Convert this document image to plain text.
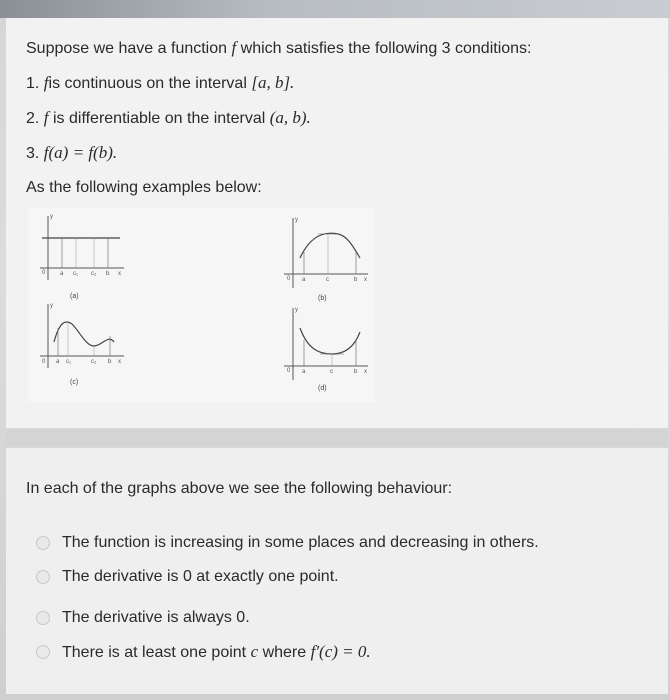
Suppose we have a function f which satisfies the following 3 conditions:
1. fis continuous on the interval [a, b].
2. f is differentiable on the interval (a, b).
3. f(a) = f(b).
As the following examples below:
y
0 a c₁ c₂ b x
(a)
y
0 a	c	b x
(b)
y
0 a c₁	c₂ b x
(c)
y
0 a	c	b x
(d)
In each of the graphs above we see the following behaviour:
The function is increasing in some places and decreasing in others.
The derivative is 0 at exactly one point.
The derivative is always 0.
There is at least one point c where f′(c) = 0.
